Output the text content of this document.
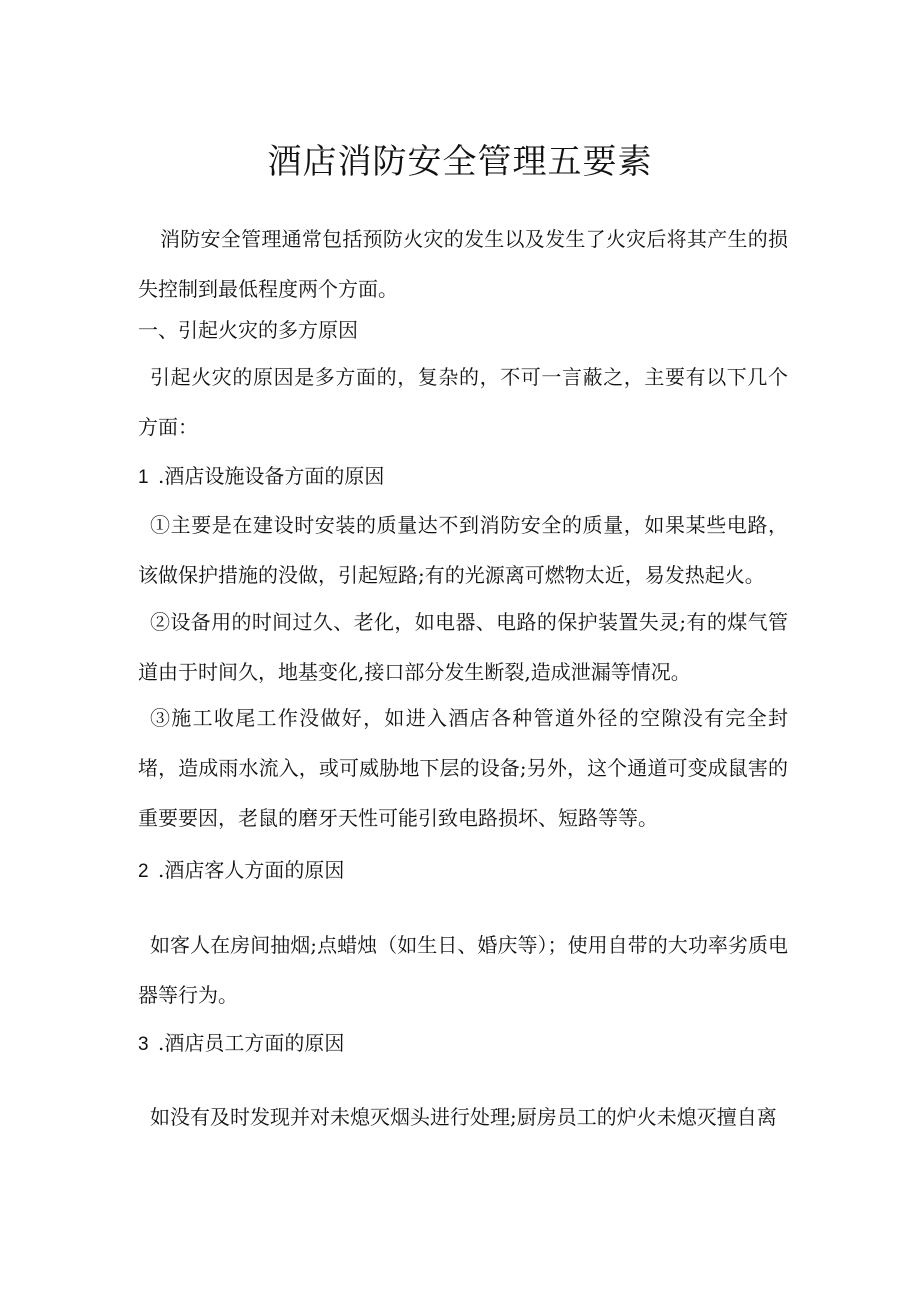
酒店消防安全管理五要素

消防安全管理通常包括预防火灾的发生以及发生了火灾后将其产生的损失控制到最低程度两个方面。

一、引起火灾的多方原因

引起火灾的原因是多方面的，复杂的，不可一言蔽之，主要有以下几个方面：

1 .酒店设施设备方面的原因

①主要是在建设时安装的质量达不到消防安全的质量，如果某些电路，该做保护措施的没做，引起短路;有的光源离可燃物太近，易发热起火。

②设备用的时间过久、老化，如电器、电路的保护装置失灵;有的煤气管道由于时间久，地基变化,接口部分发生断裂,造成泄漏等情况。

③施工收尾工作没做好，如进入酒店各种管道外径的空隙没有完全封堵，造成雨水流入，或可威胁地下层的设备;另外，这个通道可变成鼠害的重要要因，老鼠的磨牙天性可能引致电路损坏、短路等等。

2 .酒店客人方面的原因

如客人在房间抽烟;点蜡烛（如生日、婚庆等）；使用自带的大功率劣质电器等行为。

3 .酒店员工方面的原因

如没有及时发现并对未熄灭烟头进行处理;厨房员工的炉火未熄灭擅自离
